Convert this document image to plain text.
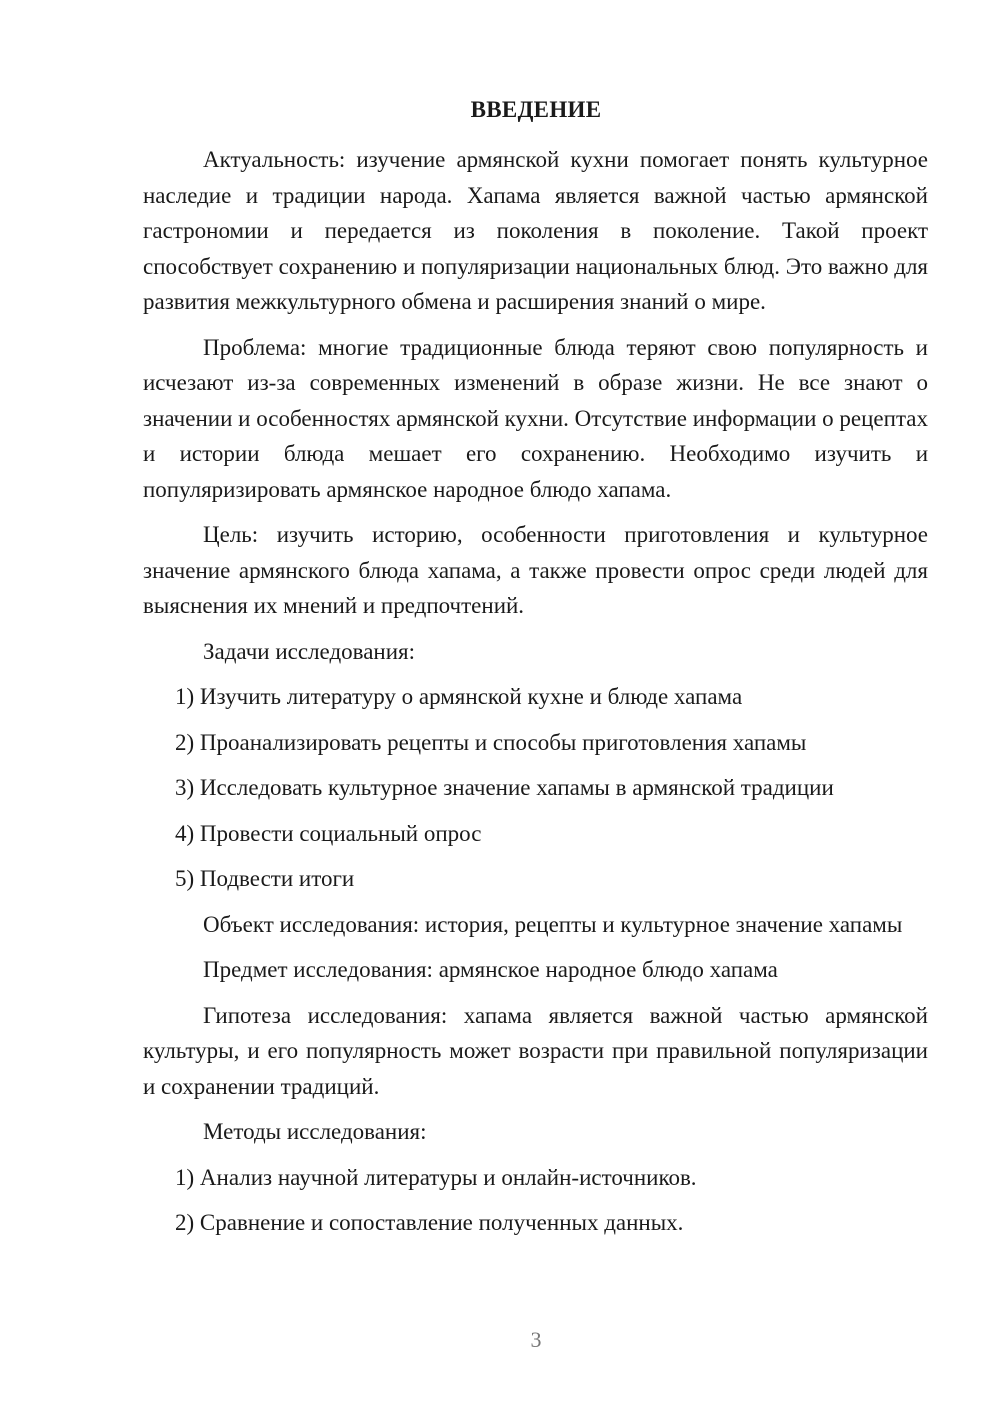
ВВЕДЕНИЕ

Актуальность: изучение армянской кухни помогает понять культурное наследие и традиции народа. Хапама является важной частью армянской гастрономии и передается из поколения в поколение. Такой проект способствует сохранению и популяризации национальных блюд. Это важно для развития межкультурного обмена и расширения знаний о мире.

Проблема: многие традиционные блюда теряют свою популярность и исчезают из-за современных изменений в образе жизни. Не все знают о значении и особенностях армянской кухни. Отсутствие информации о рецептах и истории блюда мешает его сохранению. Необходимо изучить и популяризировать армянское народное блюдо хапама.

Цель: изучить историю, особенности приготовления и культурное значение армянского блюда хапама, а также провести опрос среди людей для выяснения их мнений и предпочтений.

Задачи исследования:

1) Изучить литературу о армянской кухне и блюде хапама

2) Проанализировать рецепты и способы приготовления хапамы

3) Исследовать культурное значение хапамы в армянской традиции

4) Провести социальный опрос

5) Подвести итоги

Объект исследования: история, рецепты и культурное значение хапамы

Предмет исследования: армянское народное блюдо хапама

Гипотеза исследования: хапама является важной частью армянской культуры, и его популярность может возрасти при правильной популяризации и сохранении традиций.

Методы исследования:

1) Анализ научной литературы и онлайн-источников.

2) Сравнение и сопоставление полученных данных.

3
